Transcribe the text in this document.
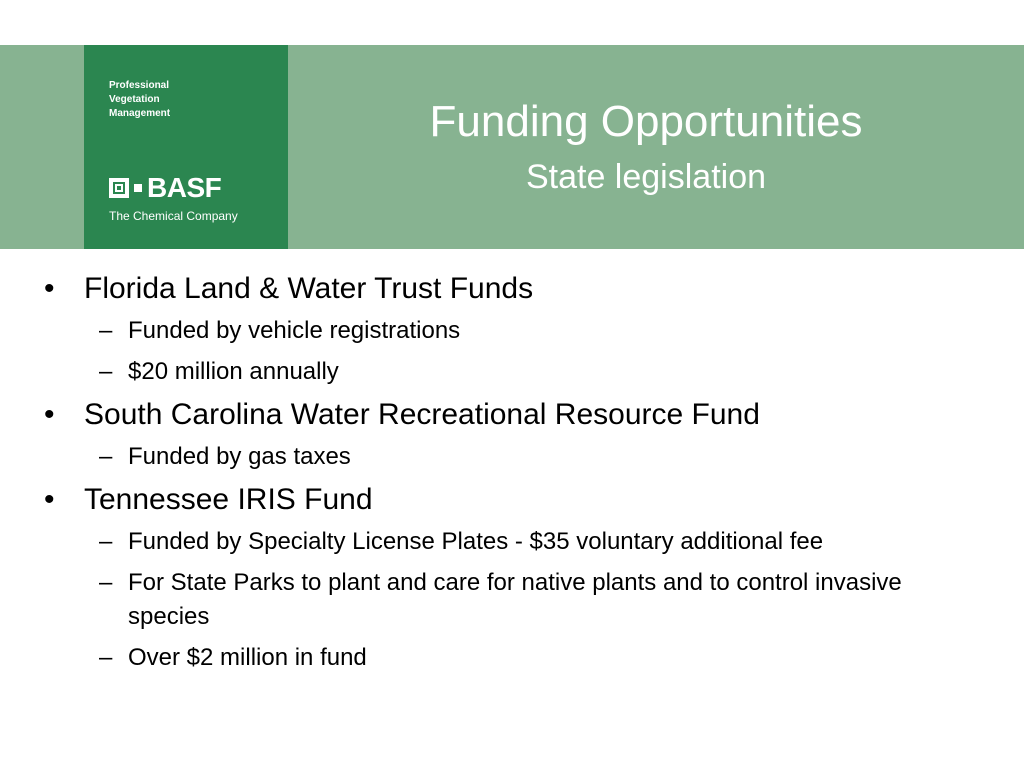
Professional
Vegetation
Management
BASF
The Chemical Company
Funding Opportunities
State legislation
• Florida Land & Water Trust Funds
– Funded by vehicle registrations
– $20 million annually
• South Carolina Water Recreational Resource Fund
– Funded by gas taxes
• Tennessee IRIS Fund
– Funded by Specialty License Plates - $35 voluntary additional fee
– For State Parks to plant and care for native plants and to control invasive species
– Over $2 million in fund
